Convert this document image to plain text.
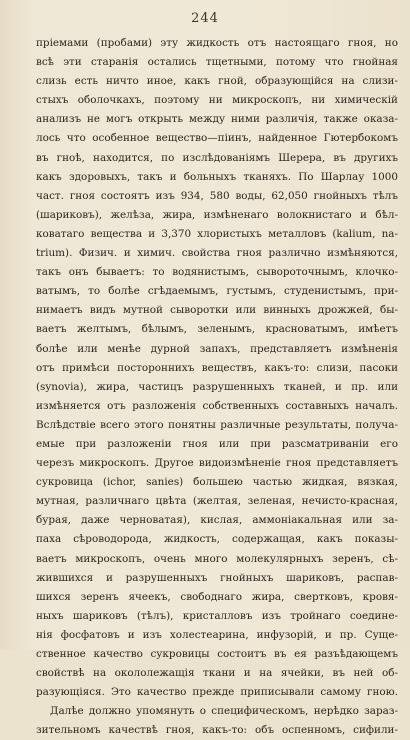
244
пріемами (пробами) эту жидкость отъ настоящаго гноя, но
всѣ эти старанія остались тщетными, потому что гнойная
слизь есть ничто иное, какъ гной, образующійся на слизи-
стыхъ оболочкахъ, поэтому ни микроскопъ, ни химическій
анализъ не могъ открыть между ними различія, также оказа-
лось что особенное вещество—піинъ, найденное Гютербокомъ
въ гноѣ, находится, по изслѣдованіямъ Шерера, въ другихъ
какъ здоровыхъ, такъ и больныхъ тканяхъ. По Шарлау 1000
част. гноя состоятъ изъ 934, 580 воды, 62,050 гнойныхъ тѣлъ
(шариковъ), желѣза, жира, измѣненаго волокнистаго и бѣл-
коватаго вещества и 3,370 хлористыхъ металловъ (kalium, na-
trium). Физич. и химич. свойства гноя различно измѣняются,
такъ онъ бываетъ: то водянистымъ, сывороточнымъ, клочко-
ватымъ, то болѣе сгѣдаемымъ, густымъ, студенистымъ, при-
нимаетъ видъ мутной сыворотки или винныхъ дрожжей, бы-
ваетъ желтымъ, бѣлымъ, зеленымъ, красноватымъ, имѣетъ
болѣе или менѣе дурной запахъ, представляетъ измѣненія
отъ примѣси постороннихъ веществъ, какъ-то: слизи, пасоки
(synovia), жира, частицъ разрушенныхъ тканей, и пр. или
измѣняется отъ разложенія собственныхъ составныхъ началъ.
Вслѣдствіе всего этого понятны различные результаты, получа-
емые при разложеніи гноя или при разсматриваніи его
черезъ микроскопъ. Другое видоизмѣненіе гноя представляетъ
сукровица (ichor, sanies) большею частью жидкая, вязкая,
мутная, различнаго цвѣта (желтая, зеленая, нечисто-красная,
бурая, даже черноватая), кислая, аммоніакальная или за-
паха сѣроводорода, жидкость, содержащая, какъ показы-
ваетъ микроскопъ, очень много молекулярныхъ зеренъ, сѣ-
жившихся и разрушенныхъ гнойныхъ шариковъ, распав-
шихся зеренъ ячеекъ, свободнаго жира, свертковъ, кровя-
ныхъ шариковъ (тѣлъ), кристалловъ изъ тройнаго соедине-
нія фосфатовъ и изъ холестеарина, инфузорій, и пр. Суще-
ственное качество сукровицы состоитъ въ ея разъѣдающемъ
свойствѣ на окололежащія ткани и на ячейки, въ ней об-
разующіяся. Это качество прежде приписывали самому гною.
Далѣе должно упомянуть о специфическомъ, нерѣдко зараз-
зительномъ качествѣ гноя, какъ-то: объ оспенномъ, сифили-
